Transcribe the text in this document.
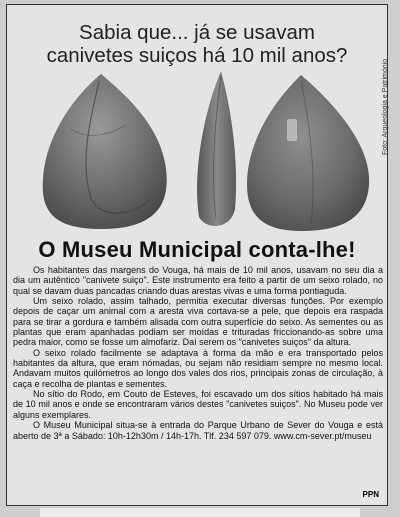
Sabia que... já se usavam
canivetes suiços há 10 mil anos?
Foto: Arqueologia e Património
O Museu Municipal conta-lhe!

Os habitantes das margens do Vouga, há mais de 10 mil anos, usavam no seu dia a dia um autêntico "canivete suiço". Este instrumento era feito a partir de um seixo rolado, no qual se davam duas pancadas criando duas arestas vivas e uma forma pontiaguda.

Um seixo rolado, assim talhado, permitia executar diversas funções. Por exemplo depois de caçar um animal com a aresta viva cortava-se a pele, que depois era raspada para se tirar a gordura e também alisada com outra superfície do seixo. As sementes ou as plantas que eram apanhadas podiam ser moídas e trituradas friccionando-as sobre uma pedra maior, como se fosse um almofariz. Daí serem os "canivetes suiços" da altura.

O seixo rolado facilmente se adaptava à forma da mão e era transportado pelos habitantes da altura, que eram nómadas, ou sejam não residiam sempre no mesmo local. Andavam muitos quilómetros ao longo dos vales dos rios, principais zonas de circulação, à caça e recolha de plantas e sementes.

No sítio do Rodo, em Couto de Esteves, foi escavado um dos sítios habitado há mais de 10 mil anos e onde se encontraram vários destes "canivetes suiços". No Museu pode ver alguns exemplares.

O Museu Municipal situa-se à entrada do Parque Urbano de Sever do Vouga e está aberto de 3ª a Sábado: 10h-12h30m / 14h-17h. Tlf. 234 597 079. www.cm-sever.pt/museu

PPN
